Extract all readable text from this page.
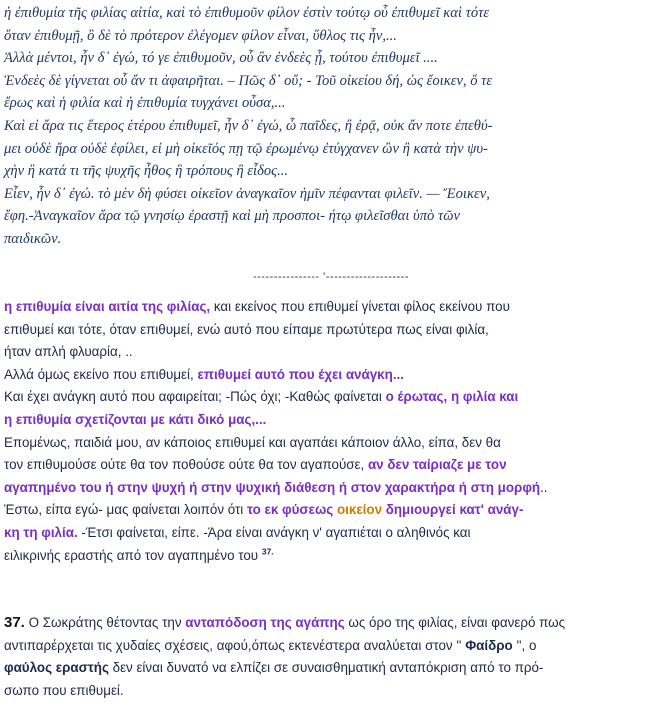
ἡ ἐπιθυμία τῆς φιλίας αἰτία, καὶ τὸ ἐπιθυμοῦν φίλον ἐστὶν τούτῳ οὗ ἐπιθυμεῖ καὶ τότε
ὅταν ἐπιθυμῇ, ὃ δὲ τὸ πρότερον ἐλέγομεν φίλον εἶναι, ὕθλος τις ἦν,...
Ἀλλὰ μέντοι, ἦν δ᾽ ἐγώ, τό γε ἐπιθυμοῦν, οὗ ἂν ἐνδεὲς ᾖ, τούτου ἐπιθυμεῖ ....
Ἐνδεὲς δὲ γίγνεται οὗ ἄν τι ἀφαιρῆται. – Πῶς δ᾽ οὔ; - Τοῦ οἰκείου δή, ὡς ἔοικεν, ὅ τε
ἔρως καὶ ἡ φιλία καὶ ἡ ἐπιθυμία τυγχάνει οὖσα,...
Καὶ εἰ ἄρα τις ἕτερος ἑτέρου ἐπιθυμεῖ, ἦν δ᾽ ἐγώ, ὦ παῖδες, ἢ ἐρᾷ, οὐκ ἄν ποτε ἐπεθύ-
μει οὐδὲ ἤρα οὐδὲ ἐφίλει, εἰ μὴ οἰκεῖός πῃ τῷ ἐρωμένῳ ἐτύγχανεν ὢν ἢ κατὰ τὴν ψυ-
χὴν ἢ κατά τι τῆς ψυχῆς ἦθος ἢ τρόπους ἢ εἶδος...
Εἶεν, ἦν δ᾽ ἐγώ. τὸ μὲν δὴ φύσει οἰκεῖον ἀναγκαῖον ἡμῖν πέφανται φιλεῖν. — Ἔοικεν,
ἔφη.-Ἀναγκαῖον ἄρα τῷ γνησίῳ ἐραστῇ καὶ μὴ προσποι- ήτῳ φιλεῖσθαι ὑπὸ τῶν
παιδικῶν.
---------------- '--------------------
η επιθυμία είναι αιτία της φιλίας, και εκείνος που επιθυμεί γίνεται φίλος εκείνου που
επιθυμεί και τότε, όταν επιθυμεί, ενώ αυτό που είπαμε πρωτύτερα πως είναι φιλία,
ήταν απλή φλυαρία, ..
Αλλά όμως εκείνο που επιθυμεί, επιθυμεί αυτό που έχει ανάγκη...
Και έχει ανάγκη αυτό που αφαιρείται; -Πώς όχι; -Καθώς φαίνεται ο έρωτας, η φιλία και
η επιθυμία σχετίζονται με κάτι δικό μας,...
Επομένως, παιδιά μου, αν κάποιος επιθυμεί και αγαπάει κάποιον άλλο, είπα, δεν θα
τον επιθυμούσε ούτε θα τον ποθούσε ούτε θα τον αγαπούσε, αν δεν ταίριαζε με τον
αγαπημένο του ή στην ψυχή ή στην ψυχική διάθεση ή στον χαρακτήρα ή στη μορφή..
Έστω, είπα εγώ- μας φαίνεται λοιπόν ότι το εκ φύσεως οικείον δημιουργεί κατ' ανάγ-
κη τη φιλία. -Έτσι φαίνεται, είπε. -Άρα είναι ανάγκη ν' αγαπιέται ο αληθινός και
ειλικρινής εραστής από τον αγαπημένο του $^{37.}$
37. Ο Σωκράτης θέτοντας την ανταπόδοση της αγάπης ως όρο της φιλίας, είναι φανερό πως
αντιπαρέρχεται τις χυδαίες σχέσεις, αφού,όπως εκτενέστερα αναλύεται στον '' Φαίδρο '', ο
φαύλος εραστής δεν είναι δυνατό να ελπίζει σε συναισθηματική ανταπόκριση από το πρό-
σωπο που επιθυμεί.
